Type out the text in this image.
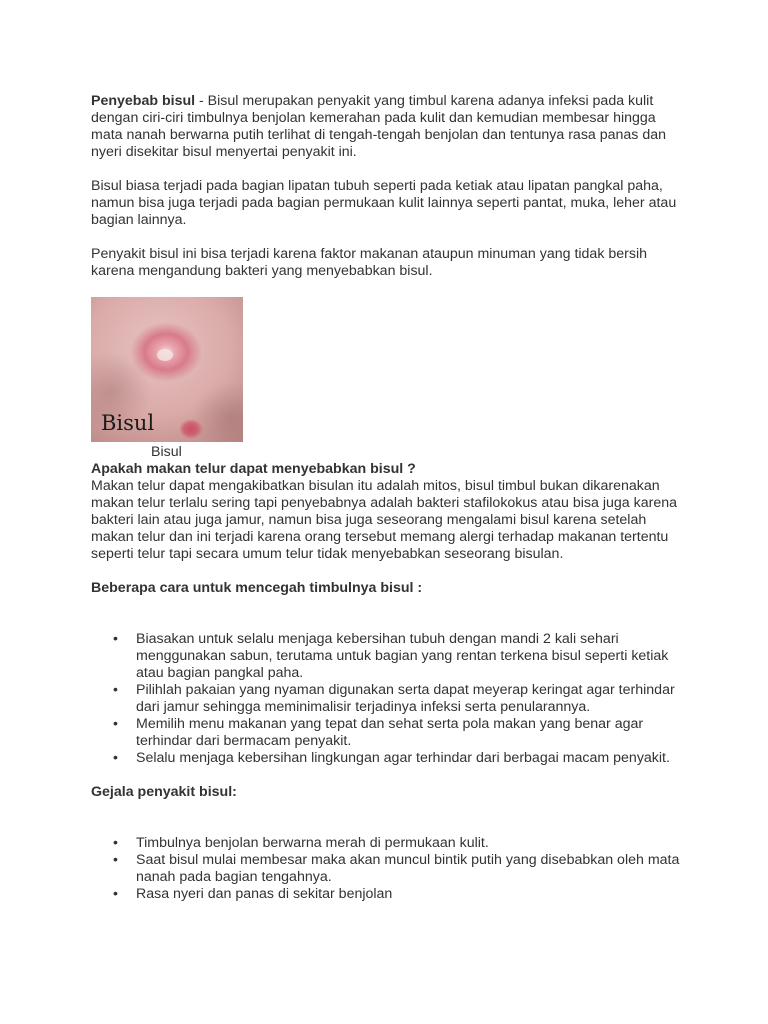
Penyebab bisul - Bisul merupakan penyakit yang timbul karena adanya infeksi pada kulit dengan ciri-ciri timbulnya benjolan kemerahan pada kulit dan kemudian membesar hingga mata nanah berwarna putih terlihat di tengah-tengah benjolan dan tentunya rasa panas dan nyeri disekitar bisul menyertai penyakit ini.

Bisul biasa terjadi pada bagian lipatan tubuh seperti pada ketiak atau lipatan pangkal paha, namun bisa juga terjadi pada bagian permukaan kulit lainnya seperti pantat, muka, leher atau bagian lainnya.

Penyakit bisul ini bisa terjadi karena faktor makanan ataupun minuman yang tidak bersih karena mengandung bakteri yang menyebabkan bisul.

Bisul
Bisul

Apakah makan telur dapat menyebabkan bisul ?

Makan telur dapat mengakibatkan bisulan itu adalah mitos, bisul timbul bukan dikarenakan makan telur terlalu sering tapi penyebabnya adalah bakteri stafilokokus atau bisa juga karena bakteri lain atau juga jamur, namun bisa juga seseorang mengalami bisul karena setelah makan telur dan ini terjadi karena orang tersebut memang alergi terhadap makanan tertentu seperti telur tapi secara umum telur tidak menyebabkan seseorang bisulan.

Beberapa cara untuk mencegah timbulnya bisul :

• Biasakan untuk selalu menjaga kebersihan tubuh dengan mandi 2 kali sehari menggunakan sabun, terutama untuk bagian yang rentan terkena bisul seperti ketiak atau bagian pangkal paha.
• Pilihlah pakaian yang nyaman digunakan serta dapat meyerap keringat agar terhindar dari jamur sehingga meminimalisir terjadinya infeksi serta penularannya.
• Memilih menu makanan yang tepat dan sehat serta pola makan yang benar agar terhindar dari bermacam penyakit.
• Selalu menjaga kebersihan lingkungan agar terhindar dari berbagai macam penyakit.

Gejala penyakit bisul:

• Timbulnya benjolan berwarna merah di permukaan kulit.
• Saat bisul mulai membesar maka akan muncul bintik putih yang disebabkan oleh mata nanah pada bagian tengahnya.
• Rasa nyeri dan panas di sekitar benjolan
